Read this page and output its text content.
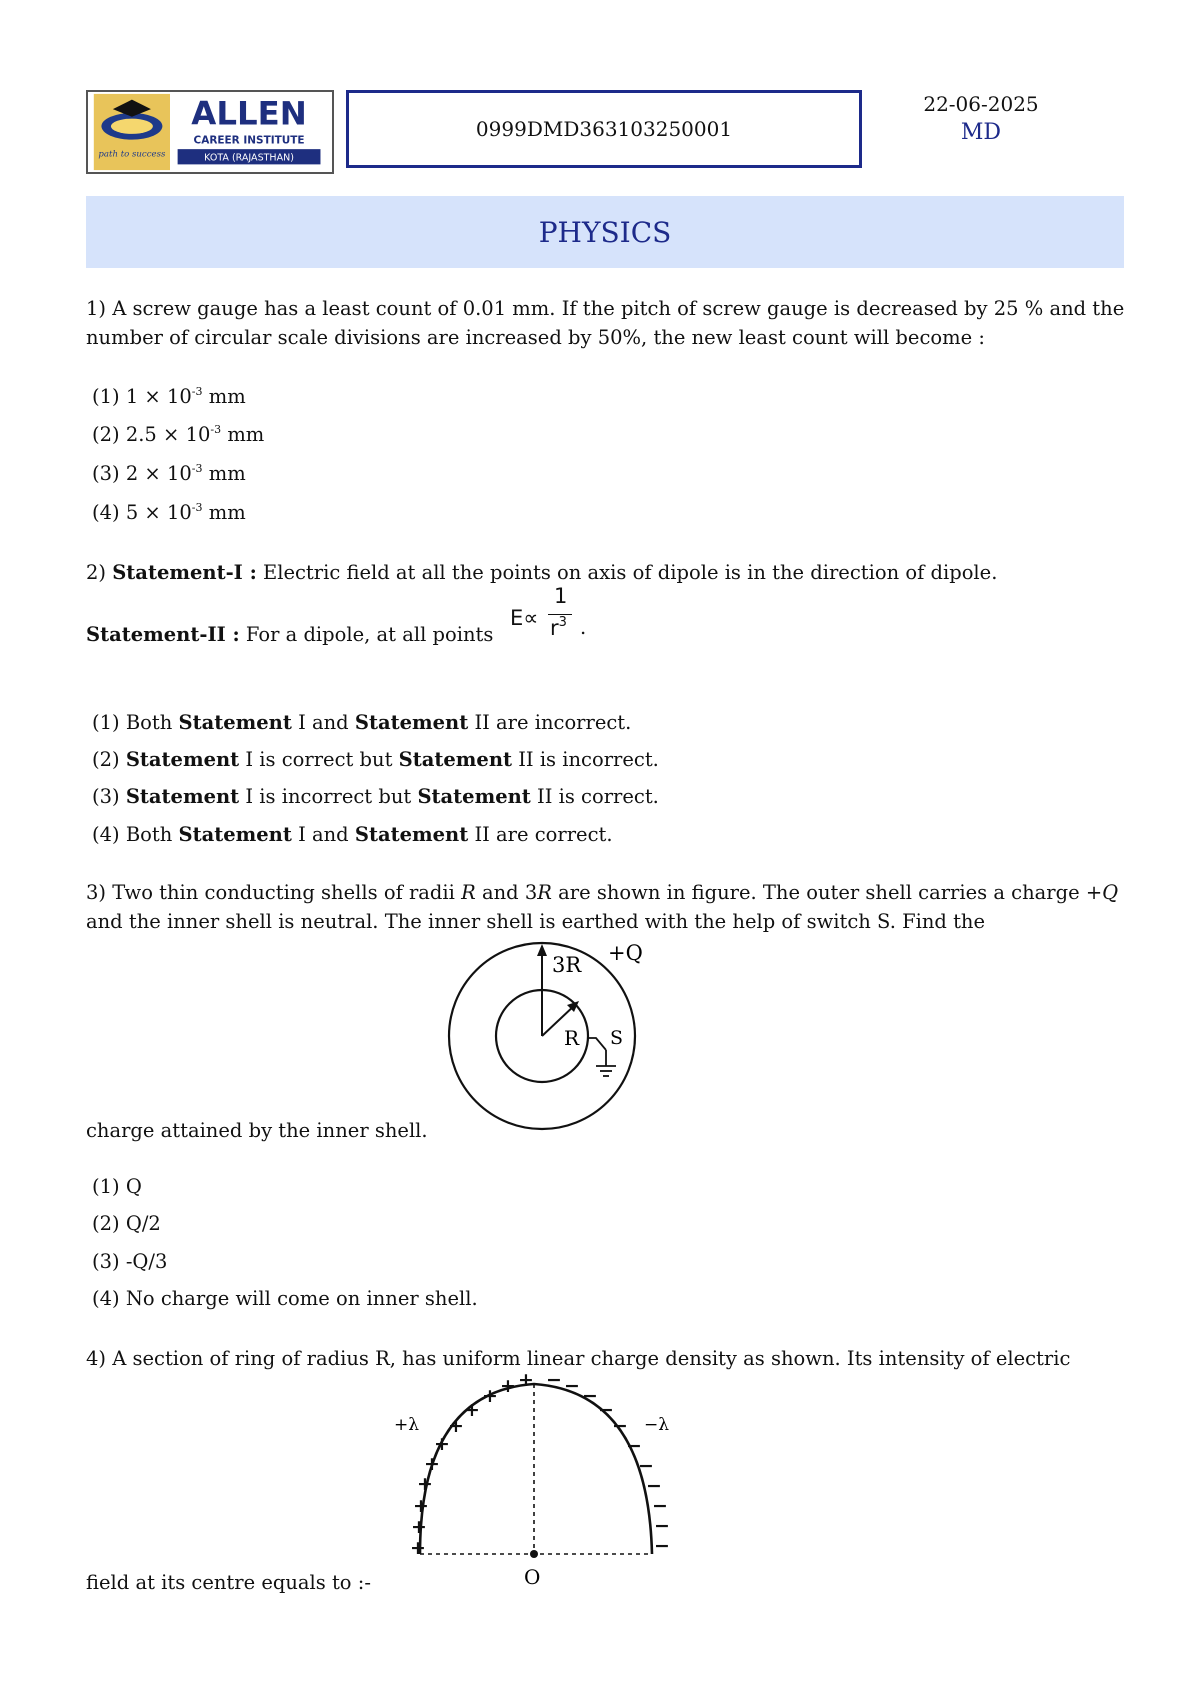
path to success
ALLEN
CAREER INSTITUTE
KOTA (RAJASTHAN)
0999DMD363103250001
22-06-2025
MD
PHYSICS
1) A screw gauge has a least count of 0.01 mm. If the pitch of screw gauge is decreased by 25 % and the number of circular scale divisions are increased by 50%, the new least count will become :
(1) $1 \times 10^{-3}$ mm
(2) $2.5 \times 10^{-3}$ mm
(3) $2 \times 10^{-3}$ mm
(4) $5 \times 10^{-3}$ mm
2) Statement-I : Electric field at all the points on axis of dipole is in the direction of dipole.
Statement-II : For a dipole, at all points
E∝
1
$r^3$ .
(1) Both Statement I and Statement II are incorrect.
(2) Statement I is correct but Statement II is incorrect.
(3) Statement I is incorrect but Statement II is correct.
(4) Both Statement I and Statement II are correct.
3) Two thin conducting shells of radii R and 3R are shown in figure. The outer shell carries a charge +Q and the inner shell is neutral. The inner shell is earthed with the help of switch S. Find the
3R +Q
R S
charge attained by the inner shell.
(1) Q
(2) Q/2
(3) -Q/3
(4) No charge will come on inner shell.
4) A section of ring of radius R, has uniform linear charge density as shown. Its intensity of electric
+
+
+
+
+
+
+
+
+ + + − − −
−
−
−
−
−
−
−
−
+λ	−λ
O
field at its centre equals to :-
